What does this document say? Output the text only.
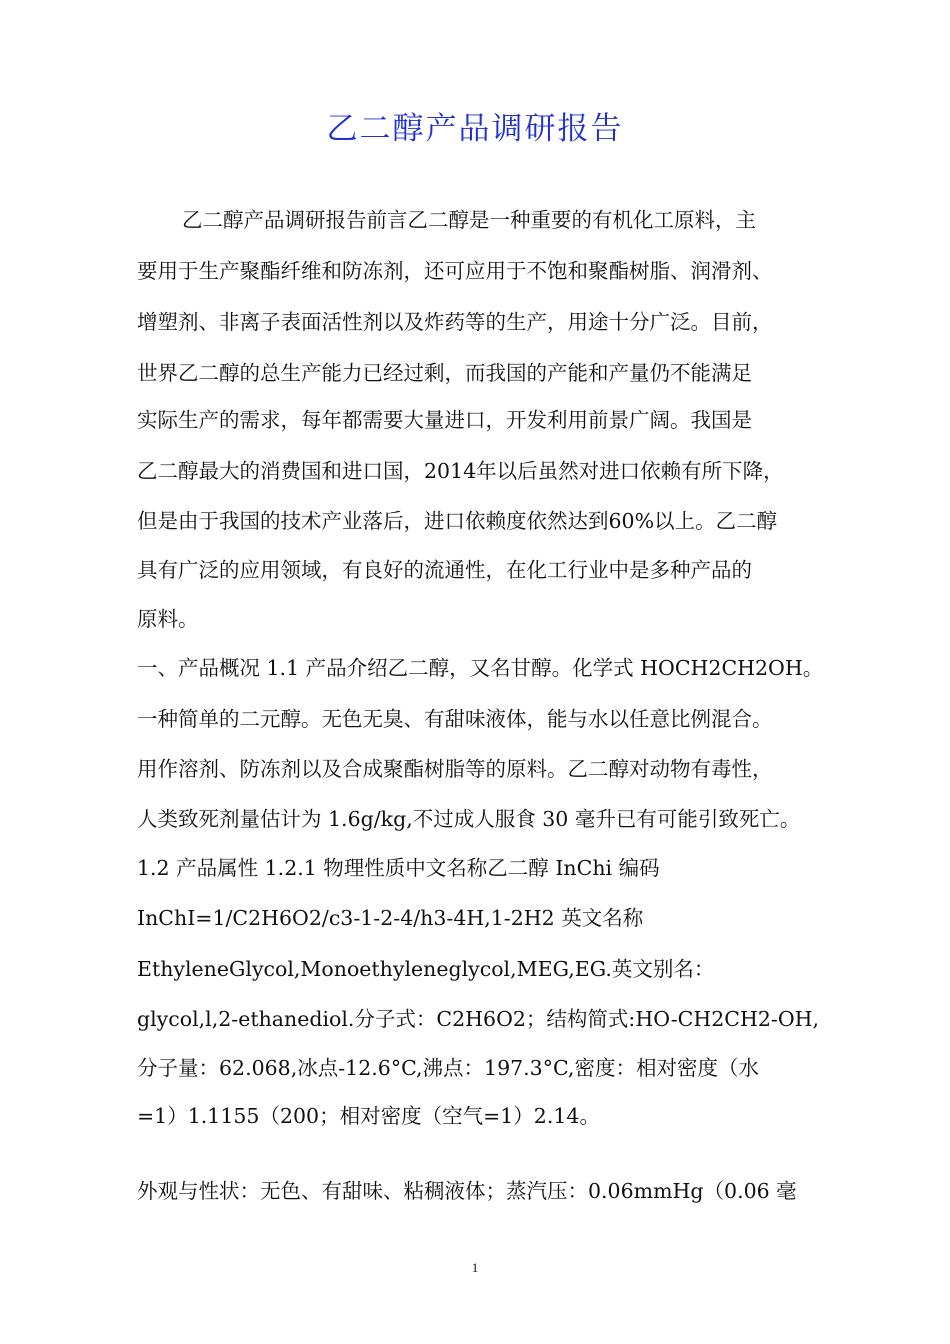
乙二醇产品调研报告
乙二醇产品调研报告前言乙二醇是一种重要的有机化工原料，主
要用于生产聚酯纤维和防冻剂，还可应用于不饱和聚酯树脂、润滑剂、
增塑剂、非离子表面活性剂以及炸药等的生产，用途十分广泛。目前，
世界乙二醇的总生产能力已经过剩，而我国的产能和产量仍不能满足
实际生产的需求，每年都需要大量进口，开发利用前景广阔。我国是
乙二醇最大的消费国和进口国，2014年以后虽然对进口依赖有所下降，
但是由于我国的技术产业落后，进口依赖度依然达到60%以上。乙二醇
具有广泛的应用领域，有良好的流通性，在化工行业中是多种产品的
原料。
一、产品概况 1.1 产品介绍乙二醇，又名甘醇。化学式 HOCH2CH2OH。
一种简单的二元醇。无色无臭、有甜味液体，能与水以任意比例混合。
用作溶剂、防冻剂以及合成聚酯树脂等的原料。乙二醇对动物有毒性，
人类致死剂量估计为 1.6g/kg,不过成人服食 30 毫升已有可能引致死亡。
1.2 产品属性 1.2.1 物理性质中文名称乙二醇 InChi 编码
InChI=1/C2H6O2/c3-1-2-4/h3-4H,1-2H2 英文名称
EthyleneGlycol,Monoethyleneglycol,MEG,EG.英文别名：
glycol,l,2-ethanediol.分子式：C2H6O2；结构简式:HO-CH2CH2-OH,
分子量：62.068,冰点-12.6°C,沸点：197.3°C,密度：相对密度（水
=1）1.1155（200；相对密度（空气=1）2.14。
外观与性状：无色、有甜味、粘稠液体；蒸汽压：0.06mmHg（0.06 毫
1
